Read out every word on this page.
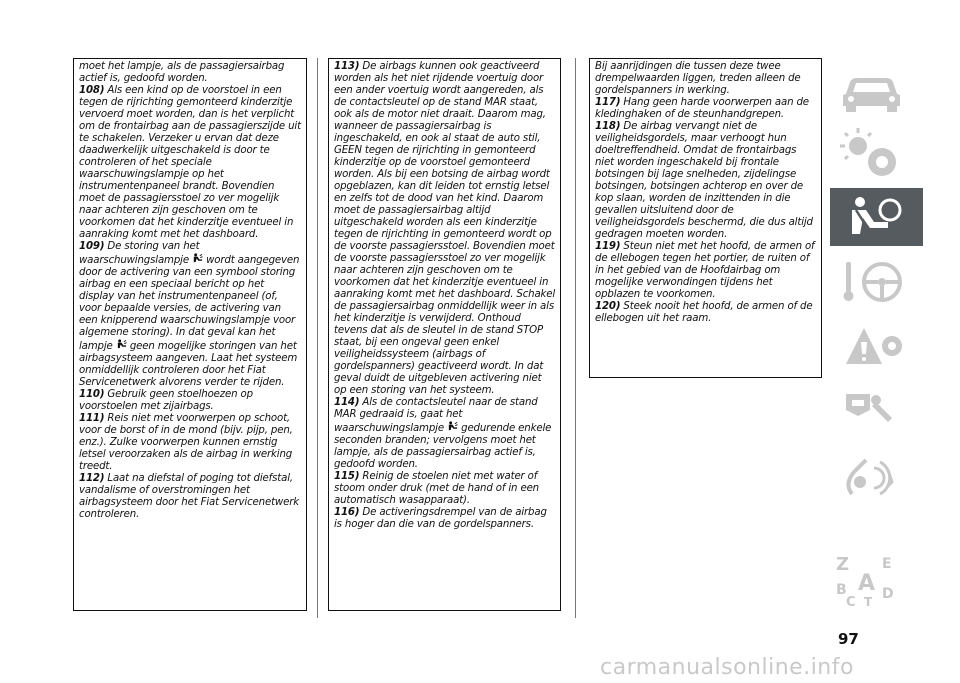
moet het lampje, als de passagiersairbag actief is, gedoofd worden.

108) Als een kind op de voorstoel in een tegen de rijrichting gemonteerd kinderzitje vervoerd moet worden, dan is het verplicht om de frontairbag aan de passagierszijde uit te schakelen. Verzeker u ervan dat deze daadwerkelijk uitgeschakeld is door te controleren of het speciale waarschuwingslampje op het instrumentenpaneel brandt. Bovendien moet de passagiersstoel zo ver mogelijk naar achteren zijn geschoven om te voorkomen dat het kinderzitje eventueel in aanraking komt met het dashboard.

109) De storing van het waarschuwingslampje wordt aangegeven door de activering van een symbool storing airbag en een speciaal bericht op het display van het instrumentenpaneel (of, voor bepaalde versies, de activering van een knipperend waarschuwingslampje voor algemene storing). In dat geval kan het lampje geen mogelijke storingen van het airbagsysteem aangeven. Laat het systeem onmiddellijk controleren door het Fiat Servicenetwerk alvorens verder te rijden.

110) Gebruik geen stoelhoezen op voorstoelen met zijairbags.

111) Reis niet met voorwerpen op schoot, voor de borst of in de mond (bijv. pijp, pen, enz.). Zulke voorwerpen kunnen ernstig letsel veroorzaken als de airbag in werking treedt.

112) Laat na diefstal of poging tot diefstal, vandalisme of overstromingen het airbagsysteem door het Fiat Servicenetwerk controleren.

113) De airbags kunnen ook geactiveerd worden als het niet rijdende voertuig door een ander voertuig wordt aangereden, als de contactsleutel op de stand MAR staat, ook als de motor niet draait. Daarom mag, wanneer de passagiersairbag is ingeschakeld, en ook al staat de auto stil, GEEN tegen de rijrichting in gemonteerd kinderzitje op de voorstoel gemonteerd worden. Als bij een botsing de airbag wordt opgeblazen, kan dit leiden tot ernstig letsel en zelfs tot de dood van het kind. Daarom moet de passagiersairbag altijd uitgeschakeld worden als een kinderzitje tegen de rijrichting in gemonteerd wordt op de voorste passagiersstoel. Bovendien moet de voorste passagiersstoel zo ver mogelijk naar achteren zijn geschoven om te voorkomen dat het kinderzitje eventueel in aanraking komt met het dashboard. Schakel de passagiersairbag onmiddellijk weer in als het kinderzitje is verwijderd. Onthoud tevens dat als de sleutel in de stand STOP staat, bij een ongeval geen enkel veiligheidssysteem (airbags of gordelspanners) geactiveerd wordt. In dat geval duidt de uitgebleven activering niet op een storing van het systeem.

114) Als de contactsleutel naar de stand MAR gedraaid is, gaat het waarschuwingslampje gedurende enkele seconden branden; vervolgens moet het lampje, als de passagiersairbag actief is, gedoofd worden.

115) Reinig de stoelen niet met water of stoom onder druk (met de hand of in een automatisch wasapparaat).

116) De activeringsdrempel van de airbag is hoger dan die van de gordelspanners.

Bij aanrijdingen die tussen deze twee drempelwaarden liggen, treden alleen de gordelspanners in werking.

117) Hang geen harde voorwerpen aan de kledinghaken of de steunhandgrepen.

118) De airbag vervangt niet de veiligheidsgordels, maar verhoogt hun doeltreffendheid. Omdat de frontairbags niet worden ingeschakeld bij frontale botsingen bij lage snelheden, zijdelingse botsingen, botsingen achterop en over de kop slaan, worden de inzittenden in die gevallen uitsluitend door de veiligheidsgordels beschermd, die dus altijd gedragen moeten worden.

119) Steun niet met het hoofd, de armen of de ellebogen tegen het portier, de ruiten of in het gebied van de Hoofdairbag om mogelijke verwondingen tijdens het opblazen te voorkomen.

120) Steek nooit het hoofd, de armen of de ellebogen uit het raam.

Z E
B A
C T D
97
carmanualsonline.info
